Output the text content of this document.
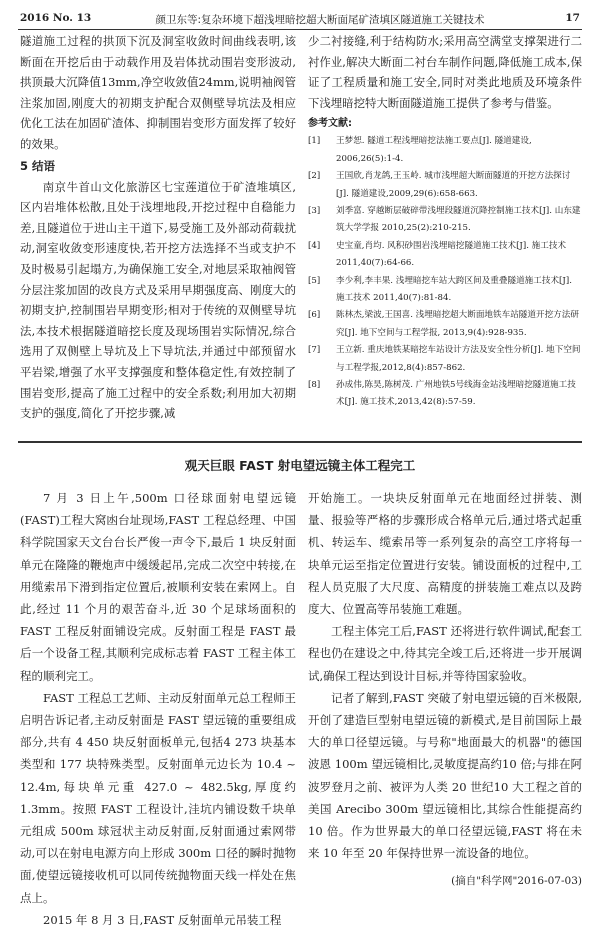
2016 No. 13	颜卫东等:复杂环境下超浅埋暗挖超大断面尾矿渣填区隧道施工关键技术	17

隧道施工过程的拱顶下沉及洞室收敛时间曲线表明,该断面在开挖后由于动载作用及岩体扰动围岩变形波动,拱顶最大沉降值13mm,净空收敛值24mm,说明袖阀管注浆加固,刚度大的初期支护配合双侧壁导坑法及相应优化工法在加固矿渣体、抑制围岩变形方面发挥了较好的效果。

5 结语

南京牛首山文化旅游区七宝莲道位于矿渣堆填区,区内岩堆体松散,且处于浅埋地段,开挖过程中自稳能力差,且隧道位于进山主干道下,易受施工及外部动荷载扰动,洞室收敛变形速度快,若开挖方法选择不当或支护不及时极易引起塌方,为确保施工安全,对地层采取袖阀管分层注浆加固的改良方式及采用早期强度高、刚度大的初期支护,控制围岩早期变形;相对于传统的双侧壁导坑法,本技术根据隧道暗挖长度及现场围岩实际情况,综合选用了双侧壁上导坑及上下导坑法,并通过中部预留水平岩梁,增强了水平支撑强度和整体稳定性,有效控制了围岩变形,提高了施工过程中的安全系数;利用加大初期支护的强度,简化了开挖步骤,减

少二衬接缝,利于结构防水;采用高空满堂支撑架进行二衬作业,解决大断面二衬台车制作问题,降低施工成本,保证了工程质量和施工安全,同时对类此地质及环境条件下浅埋暗挖特大断面隧道施工提供了参考与借鉴。

参考文献:
[1]	王梦恕. 隧道工程浅埋暗挖法施工要点[J]. 隧道建设, 2006,26(5):1-4.
[2]	王国欣,肖龙鸽,王玉岭. 城市浅埋超大断面隧道的开挖方法探讨[J]. 隧道建设,2009,29(6):658-663.
[3]	刘季富. 穿越断层破碎带浅埋段隧道沉降控制施工技术[J]. 山东建筑大学学报 2010,25(2):210-215.
[4]	史宝童,肖均. 风积砂围岩浅埋暗挖隧道施工技术[J]. 施工技术 2011,40(7):64-66.
[5]	李少利,李丰果. 浅埋暗挖车站大跨区间及重叠隧道施工技术[J]. 施工技术 2011,40(7):81-84.
[6]	陈林杰,梁波,王国喜. 浅埋暗挖超大断面地铁车站隧道开挖方法研究[J]. 地下空间与工程学报, 2013,9(4):928-935.
[7]	王立新. 重庆地铁某暗挖车站设计方法及安全性分析[J]. 地下空间与工程学报,2012,8(4):857-862.
[8]	孙成伟,陈昊,陈树茂. 广州地铁5号线海金站浅埋暗挖隧道施工技术[J]. 施工技术,2013,42(8):57-59.
观天巨眼 FAST 射电望远镜主体工程完工

7 月 3 日上午,500m 口径球面射电望远镜(FAST)工程大窝凼台址现场,FAST 工程总经理、中国科学院国家天文台台长严俊一声令下,最后 1 块反射面单元在隆隆的鞭炮声中缓缓起吊,完成二次空中转接,在用缆索吊下滑到指定位置后,被顺利安装在索网上。自此,经过 11 个月的艰苦奋斗,近 30 个足球场面积的 FAST 工程反射面铺设完成。反射面工程是 FAST 最后一个设备工程,其顺利完成标志着 FAST 工程主体工程的顺利完工。

FAST 工程总工艺师、主动反射面单元总工程师王启明告诉记者,主动反射面是 FAST 望远镜的重要组成部分,共有 4 450 块反射面板单元,包括4 273 块基本类型和 177 块特殊类型。反射面单元边长为 10.4 ~ 12.4m,每块单元重 427.0 ~ 482.5kg,厚度约1.3mm。按照 FAST 工程设计,洼坑内铺设数千块单元组成 500m 球冠状主动反射面,反射面通过索网带动,可以在射电电源方向上形成 300m 口径的瞬时抛物面,使望远镜接收机可以同传统抛物面天线一样处在焦点上。

2015 年 8 月 3 日,FAST 反射面单元吊装工程

开始施工。一块块反射面单元在地面经过拼装、测量、报验等严格的步骤形成合格单元后,通过塔式起重机、转运车、缆索吊等一系列复杂的高空工序将每一块单元运至指定位置进行安装。铺设面板的过程中,工程人员克服了大尺度、高精度的拼装施工难点以及跨度大、位置高等吊装施工难题。

工程主体完工后,FAST 还将进行软件调试,配套工程也仍在建设之中,待其完全竣工后,还将进一步开展调试,确保工程达到设计目标,并等待国家验收。

记者了解到,FAST 突破了射电望远镜的百米极限,开创了建造巨型射电望远镜的新模式,是目前国际上最大的单口径望远镜。与号称"地面最大的机器"的德国波恩 100m 望远镜相比,灵敏度提高约10 倍;与排在阿波罗登月之前、被评为人类 20 世纪10 大工程之首的美国 Arecibo 300m 望远镜相比,其综合性能提高约 10 倍。作为世界最大的单口径望远镜,FAST 将在未来 10 年至 20 年保持世界一流设备的地位。

(摘自"科学网"2016-07-03)
